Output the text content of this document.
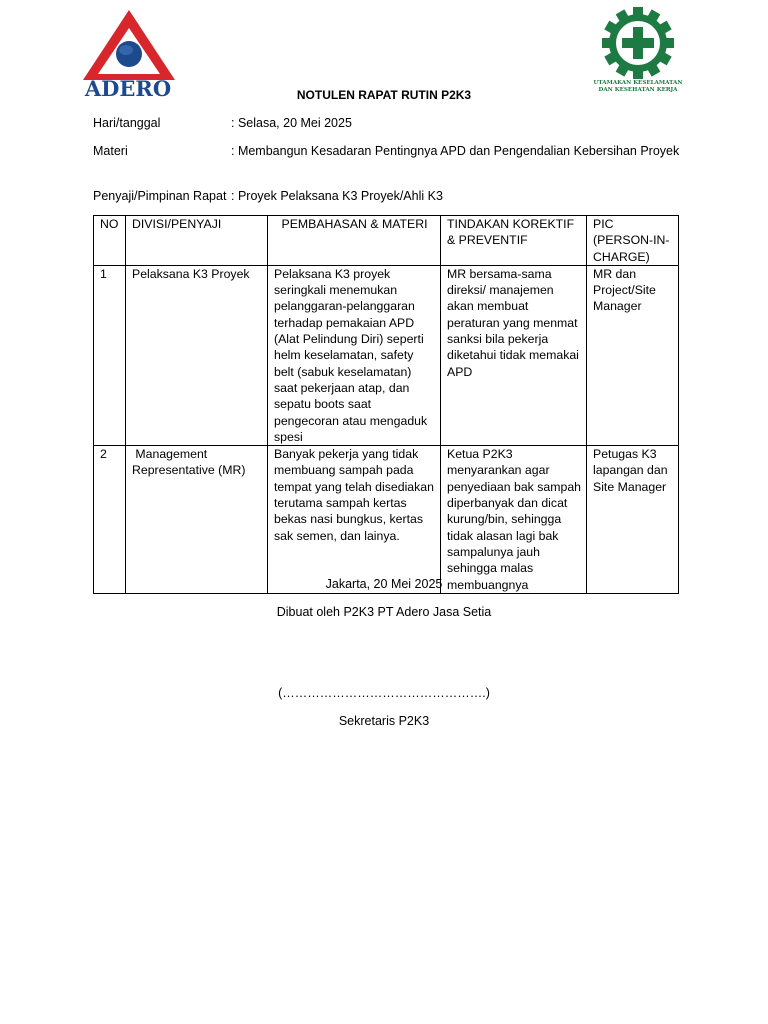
ADERO	UTAMAKAN KESELAMATAN
DAN KESEHATAN KERJA
NOTULEN RAPAT RUTIN P2K3
Hari/tanggal	: Selasa, 20 Mei 2025
Materi	: Membangun Kesadaran Pentingnya APD dan Pengendalian Kebersihan Proyek
Penyaji/Pimpinan Rapat : Proyek Pelaksana K3 Proyek/Ahli K3
NO	DIVISI/PENYAJI	PEMBAHASAN & MATERI	TINDAKAN KOREKTIF & PREVENTIF	PIC (PERSON-IN-CHARGE)
1	Pelaksana K3 Proyek	Pelaksana K3 proyek seringkali menemukan pelanggaran-pelanggaran terhadap pemakaian APD (Alat Pelindung Diri) seperti helm keselamatan, safety belt (sabuk keselamatan) saat pekerjaan atap, dan sepatu boots saat pengecoran atau mengaduk spesi	MR bersama-sama direksi/ manajemen akan membuat peraturan yang menmat sanksi bila pekerja diketahui tidak memakai APD	MR dan Project/Site Manager
2	Management Representative (MR)	Banyak pekerja yang tidak membuang sampah pada tempat yang telah disediakan terutama sampah kertas bekas nasi bungkus, kertas sak semen, dan lainya.	Ketua P2K3 menyarankan agar penyediaan bak sampah diperbanyak dan dicat kurung/bin, sehingga tidak alasan lagi bak sampalunya jauh sehingga malas membuangnya	Petugas K3 lapangan dan Site Manager
Jakarta, 20 Mei 2025
Dibuat oleh P2K3 PT Adero Jasa Setia
(………………………………………….)
Sekretaris P2K3
